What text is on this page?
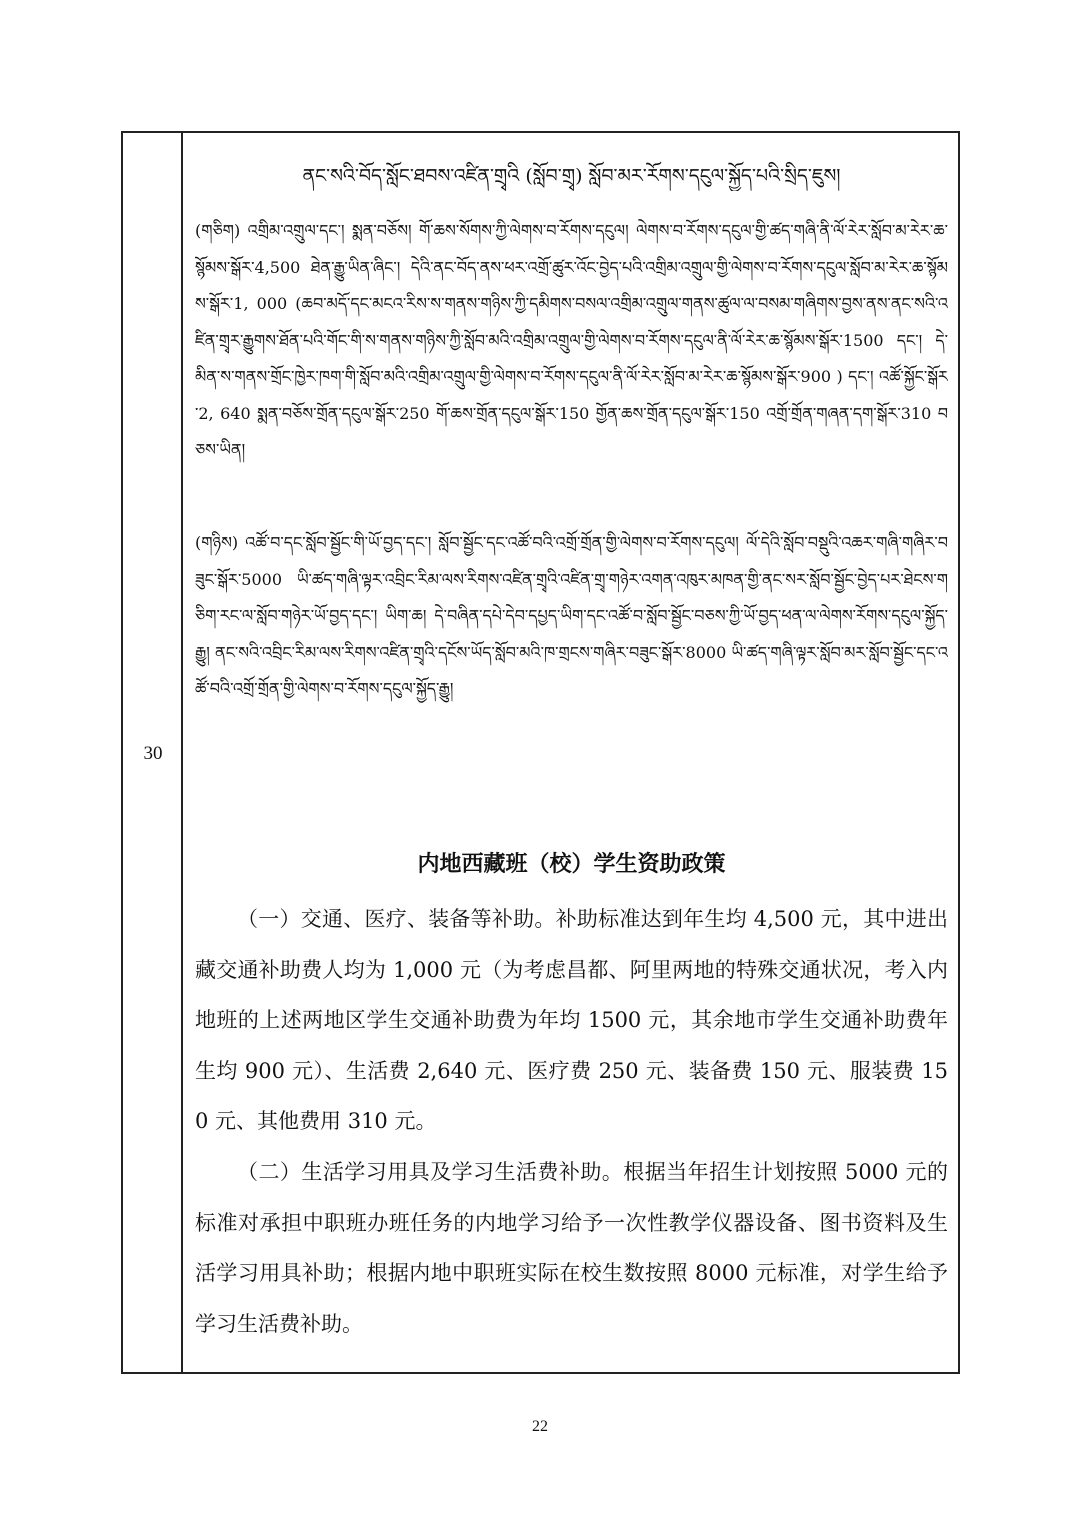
30
ནང་སའི་བོད་སློང་ཐབས་འཛིན་གྲྭའི (སློབ་གྲྭ) སློབ་མར་རོགས་དངུལ་སྐྱོད་པའི་སྲིད་ཇུས།
(གཅིག) འགྲིམ་འགྲུལ་དང་། སྨན་བཅོས། གོ་ཆས་སོགས་ཀྱི་ལེགས་བ་རོགས་དངུལ། ལེགས་བ་རོགས་དངུལ་གྱི་ཚད་གཞི་ནི་ལོ་རེར་སློབ་མ་རེར་ཆ་སྙོམས་སྒོར་4,500 ཐེན་རྒྱུ་ཡིན་ཞིང་། དེའི་ནང་བོད་ནས་ཕར་འགྲོ་ཚུར་འོང་བྱེད་པའི་འགྲིམ་འགྲུལ་གྱི་ལེགས་བ་རོགས་དངུལ་སློབ་མ་རེར་ཆ་སྙོམས་སྒོར་1, 000 (ཆབ་མདོ་དང་མངའ་རིས་ས་གནས་གཉིས་ཀྱི་དམིགས་བསལ་འགྲིམ་འགྲུལ་གནས་ཚུལ་ལ་བསམ་གཞིགས་བྱས་ནས་ནང་སའི་འཛིན་གྲྭར་རྒྱུགས་ཐོན་པའི་གོང་གི་ས་གནས་གཉིས་ཀྱི་སློབ་མའི་འགྲིམ་འགྲུལ་གྱི་ལེགས་བ་རོགས་དངུལ་ནི་ལོ་རེར་ཆ་སྙོམས་སྒོར་1500 དང་། དེ་མིན་ས་གནས་གྲོང་ཁྱེར་ཁག་གི་སློབ་མའི་འགྲིམ་འགྲུལ་གྱི་ལེགས་བ་རོགས་དངུལ་ནི་ལོ་རེར་སློབ་མ་རེར་ཆ་སྙོམས་སྒོར་900 ) དང་། འཚོ་སྐྱོང་སྒོར་2, 640 སྨན་བཅོས་གྲོན་དངུལ་སྒོར་250 གོ་ཆས་གྲོན་དངུལ་སྒོར་150 གྱོན་ཆས་གྲོན་དངུལ་སྒོར་150 འགྲོ་གྲོན་གཞན་དག་སྒོར་310 བཅས་ཡིན།
(གཉིས) འཚོ་བ་དང་སློབ་སྦྱོང་གི་ཡོ་བྱད་དང་། སློབ་སྦྱོང་དང་འཚོ་བའི་འགྲོ་གྲོན་གྱི་ལེགས་བ་རོགས་དངུལ། ལོ་དེའི་སློབ་བསྡུའི་འཆར་གཞི་གཞིར་བཟུང་སྒོར་5000 ཡི་ཚད་གཞི་ལྟར་འབྲིང་རིམ་ལས་རིགས་འཛིན་གྲྭའི་འཛིན་གྲྭ་གཉེར་འགན་འཁུར་མཁན་གྱི་ནང་སར་སློབ་སྦྱོང་བྱེད་པར་ཐེངས་གཅིག་རང་ལ་སློབ་གཉེར་ཡོ་བྱད་དང་། ཡིག་ཆ། དེ་བཞིན་དཔེ་དེབ་དཔྱད་ཡིག་དང་འཚོ་བ་སློབ་སྦྱོང་བཅས་ཀྱི་ཡོ་བྱད་ཕན་ལ་ལེགས་རོགས་དངུལ་སྐྱོད་རྒྱུ། ནང་སའི་འབྲིང་རིམ་ལས་རིགས་འཛིན་གྲྭའི་དངོས་ཡོད་སློབ་མའི་ཁ་གྲངས་གཞིར་བཟུང་སྒོར་8000 ཡི་ཚད་གཞི་ལྟར་སློབ་མར་སློབ་སྦྱོང་དང་འཚོ་བའི་འགྲོ་གྲོན་གྱི་ལེགས་བ་རོགས་དངུལ་སྐྱོད་རྒྱུ།
内地西藏班（校）学生资助政策
（一）交通、医疗、装备等补助。补助标准达到年生均 4,500 元，其中进出藏交通补助费人均为 1,000 元（为考虑昌都、阿里两地的特殊交通状况，考入内地班的上述两地区学生交通补助费为年均 1500 元，其余地市学生交通补助费年生均 900 元）、生活费 2,640 元、医疗费 250 元、装备费 150 元、服装费 150 元、其他费用 310 元。
（二）生活学习用具及学习生活费补助。根据当年招生计划按照 5000 元的标准对承担中职班办班任务的内地学习给予一次性教学仪器设备、图书资料及生活学习用具补助；根据内地中职班实际在校生数按照 8000 元标准，对学生给予学习生活费补助。
22
